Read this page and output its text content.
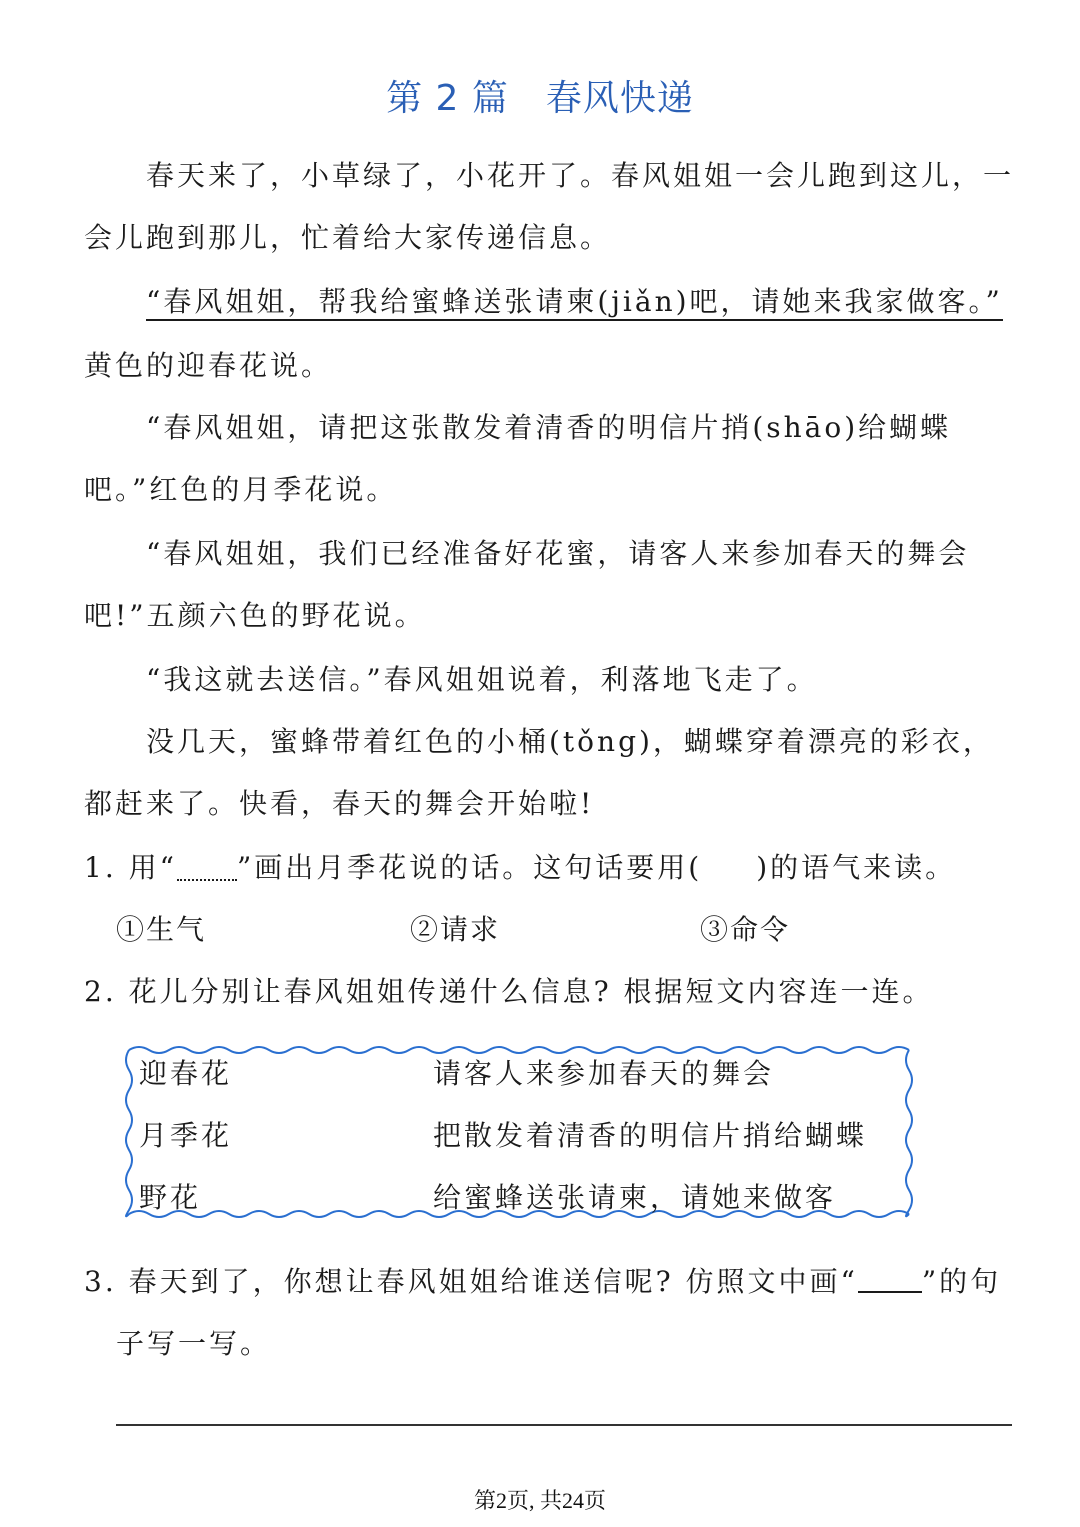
第 2 篇　春风快递
春天来了，小草绿了，小花开了。春风姐姐一会儿跑到这儿，一
会儿跑到那儿，忙着给大家传递信息。
“春风姐姐，帮我给蜜蜂送张请柬(jiǎn)吧，请她来我家做客。”
黄色的迎春花说。
“春风姐姐，请把这张散发着清香的明信片捎(shāo)给蝴蝶
吧。”红色的月季花说。
“春风姐姐，我们已经准备好花蜜，请客人来参加春天的舞会
吧!”五颜六色的野花说。
“我这就去送信。”春风姐姐说着，利落地飞走了。
没几天，蜜蜂带着红色的小桶(tǒng)，蝴蝶穿着漂亮的彩衣，
都赶来了。快看，春天的舞会开始啦!
1. 用“ ”画出月季花说的话。这句话要用( )的语气来读。
①生气	②请求	③命令
2. 花儿分别让春风姐姐传递什么信息? 根据短文内容连一连。
迎春花
月季花
野花
请客人来参加春天的舞会
把散发着清香的明信片捎给蝴蝶
给蜜蜂送张请柬，请她来做客
3. 春天到了，你想让春风姐姐给谁送信呢? 仿照文中画“ ”的句
子写一写。
第2页, 共24页
